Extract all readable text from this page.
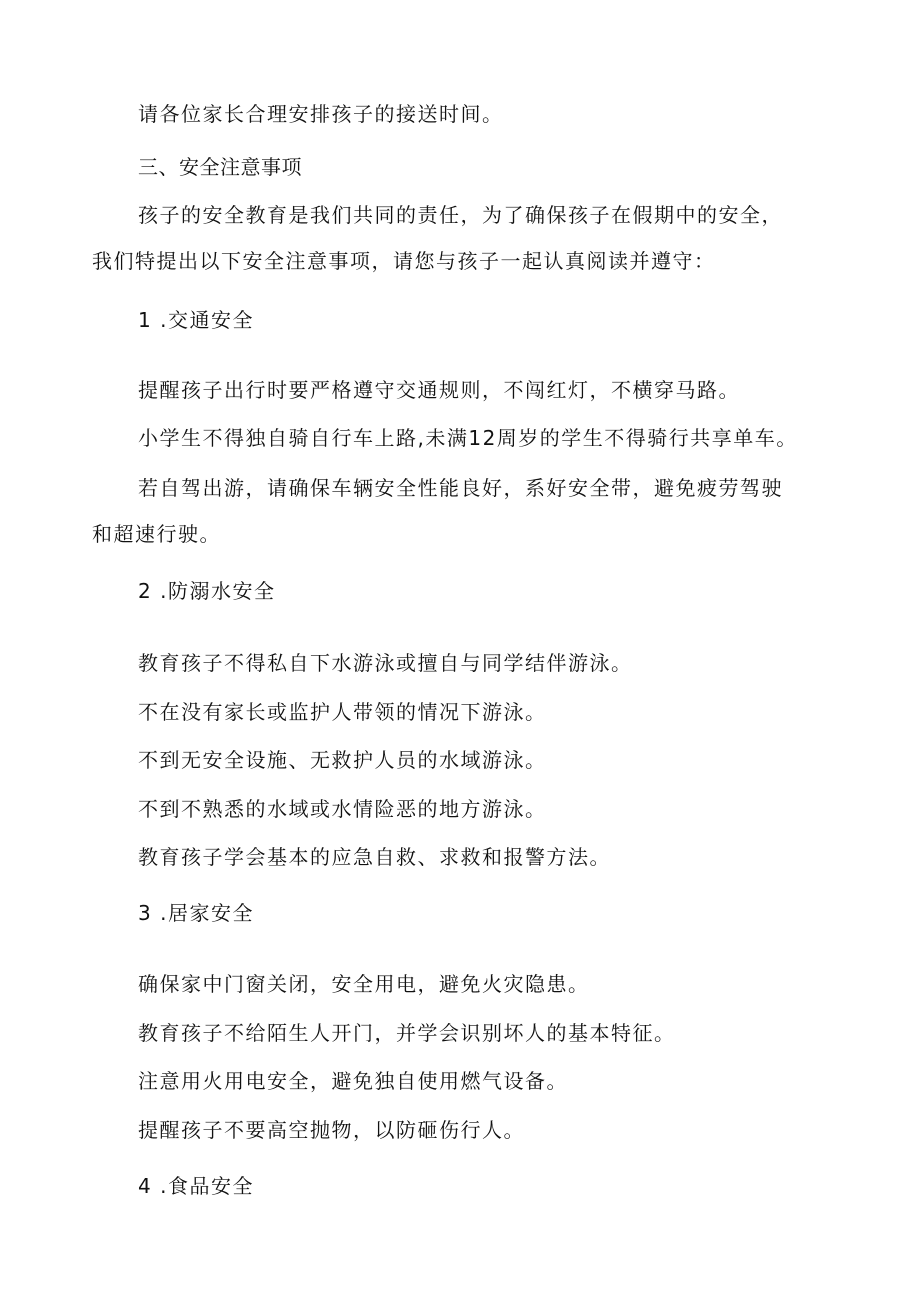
请各位家长合理安排孩子的接送时间。

三、安全注意事项

孩子的安全教育是我们共同的责任，为了确保孩子在假期中的安全，

我们特提出以下安全注意事项，请您与孩子一起认真阅读并遵守：

1 .交通安全

提醒孩子出行时要严格遵守交通规则，不闯红灯，不横穿马路。

小学生不得独自骑自行车上路,未满12周岁的学生不得骑行共享单车。

若自驾出游，请确保车辆安全性能良好，系好安全带，避免疲劳驾驶

和超速行驶。

2 .防溺水安全

教育孩子不得私自下水游泳或擅自与同学结伴游泳。

不在没有家长或监护人带领的情况下游泳。

不到无安全设施、无救护人员的水域游泳。

不到不熟悉的水域或水情险恶的地方游泳。

教育孩子学会基本的应急自救、求救和报警方法。

3 .居家安全

确保家中门窗关闭，安全用电，避免火灾隐患。

教育孩子不给陌生人开门，并学会识别坏人的基本特征。

注意用火用电安全，避免独自使用燃气设备。

提醒孩子不要高空抛物，以防砸伤行人。

4 .食品安全
